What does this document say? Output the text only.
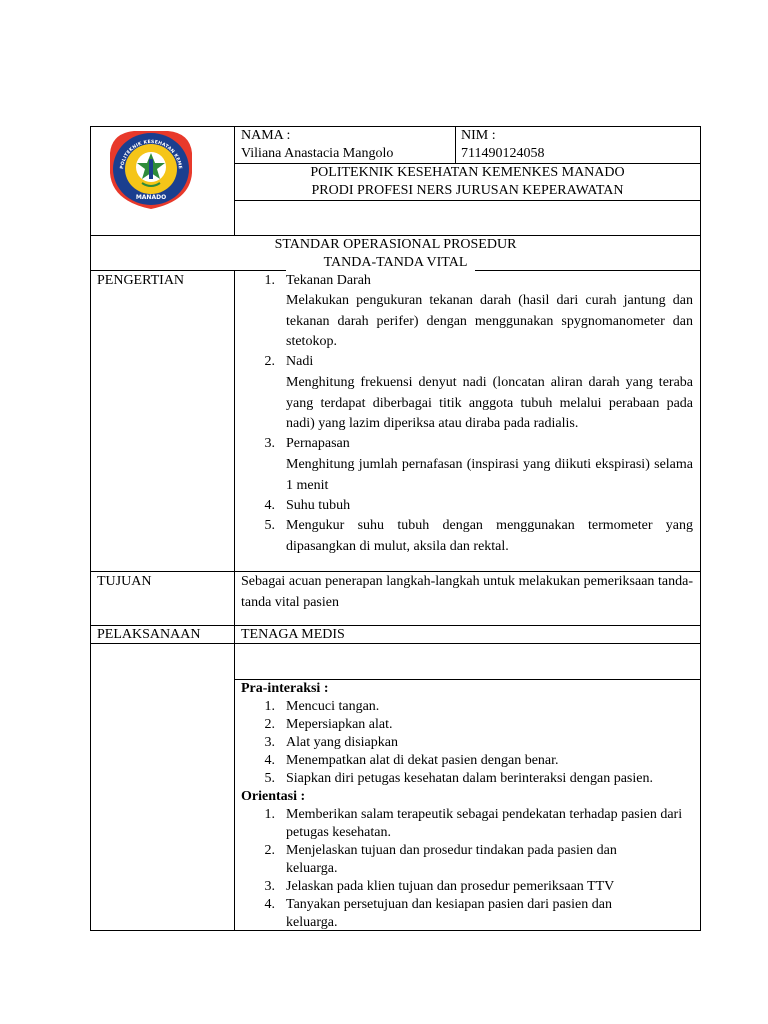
POLITEKNIK KESEHATAN KEME
MANADO
NAMA :
Viliana Anastacia Mangolo
NIM :
711490124058
POLITEKNIK KESEHATAN KEMENKES MANADO
PRODI PROFESI NERS JURUSAN KEPERAWATAN
STANDAR OPERASIONAL PROSEDUR
TANDA-TANDA VITAL
PENGERTIAN	1. Tekanan Darah
Melakukan pengukuran tekanan darah (hasil dari curah jantung dan tekanan darah perifer) dengan menggunakan spygnomanometer dan stetokop.
2. Nadi
Menghitung frekuensi denyut nadi (loncatan aliran darah yang teraba yang terdapat diberbagai titik anggota tubuh melalui perabaan pada nadi) yang lazim diperiksa atau diraba pada radialis.
3. Pernapasan
Menghitung jumlah pernafasan (inspirasi yang diikuti ekspirasi) selama 1 menit
4. Suhu tubuh
5. Mengukur suhu tubuh dengan menggunakan termometer yang dipasangkan di mulut, aksila dan rektal.
TUJUAN	Sebagai acuan penerapan langkah-langkah untuk melakukan pemeriksaan tanda-tanda vital pasien
PELAKSANAAN	TENAGA MEDIS
Pra-interaksi :
1. Mencuci tangan.
2. Mepersiapkan alat.
3. Alat yang disiapkan
4. Menempatkan alat di dekat pasien dengan benar.
5. Siapkan diri petugas kesehatan dalam berinteraksi dengan pasien.
Orientasi :
1. Memberikan salam terapeutik sebagai pendekatan terhadap pasien dari petugas kesehatan.
2. Menjelaskan tujuan dan prosedur tindakan pada pasien dan keluarga.
3. Jelaskan pada klien tujuan dan prosedur pemeriksaan TTV
4. Tanyakan persetujuan dan kesiapan pasien dari pasien dan keluarga.
